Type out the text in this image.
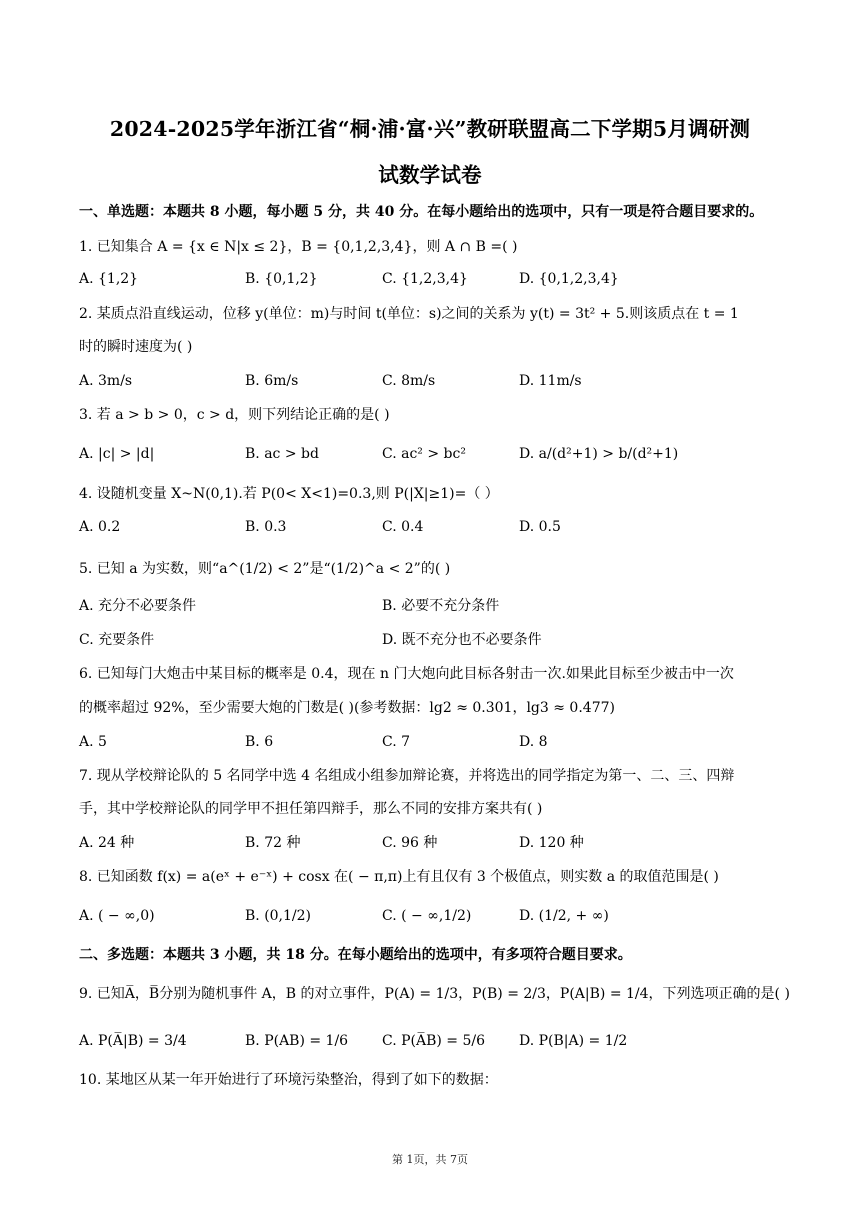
2024-2025学年浙江省“桐·浦·富·兴”教研联盟高二下学期5月调研测
试数学试卷
一、单选题：本题共 8 小题，每小题 5 分，共 40 分。在每小题给出的选项中，只有一项是符合题目要求的。
1. 已知集合 A = {x ∈ N|x ≤ 2}，B = {0,1,2,3,4}，则 A ∩ B =( )
A. {1,2}	B. {0,1,2}	C. {1,2,3,4}	D. {0,1,2,3,4}
2. 某质点沿直线运动，位移 y(单位：m)与时间 t(单位：s)之间的关系为 y(t) = 3t² + 5.则该质点在 t = 1
时的瞬时速度为( )
A. 3m/s	B. 6m/s	C. 8m/s	D. 11m/s
3. 若 a > b > 0，c > d，则下列结论正确的是( )
A. |c| > |d|	B. ac > bd	C. ac² > bc²	D. a/(d²+1) > b/(d²+1)
4. 设随机变量 X~N(0,1).若 P(0< X<1)=0.3,则 P(|X|≥1)=（ ）
A. 0.2	B. 0.3	C. 0.4	D. 0.5
5. 已知 a 为实数，则“a^(1/2) < 2”是“(1/2)^a < 2”的( )
A. 充分不必要条件	B. 必要不充分条件
C. 充要条件	D. 既不充分也不必要条件
6. 已知每门大炮击中某目标的概率是 0.4，现在 n 门大炮向此目标各射击一次.如果此目标至少被击中一次
的概率超过 92%，至少需要大炮的门数是( )(参考数据：lg2 ≈ 0.301，lg3 ≈ 0.477)
A. 5	B. 6	C. 7	D. 8
7. 现从学校辩论队的 5 名同学中选 4 名组成小组参加辩论赛，并将选出的同学指定为第一、二、三、四辩
手，其中学校辩论队的同学甲不担任第四辩手，那么不同的安排方案共有( )
A. 24 种	B. 72 种	C. 96 种	D. 120 种
8. 已知函数 f(x) = a(eˣ + e⁻ˣ) + cosx 在( − π,π)上有且仅有 3 个极值点，则实数 a 的取值范围是( )
A. ( − ∞,0)	B. (0,1/2)	C. ( − ∞,1/2)	D. (1/2, + ∞)
二、多选题：本题共 3 小题，共 18 分。在每小题给出的选项中，有多项符合题目要求。
9. 已知A̅，B̅分别为随机事件 A，B 的对立事件，P(A) = 1/3，P(B) = 2/3，P(A|B) = 1/4，下列选项正确的是( )
A. P(A̅|B) = 3/4	B. P(AB) = 1/6 C. P(A̅B) = 5/6 D. P(B|A) = 1/2
10. 某地区从某一年开始进行了环境污染整治，得到了如下的数据：
第 1页，共 7页
